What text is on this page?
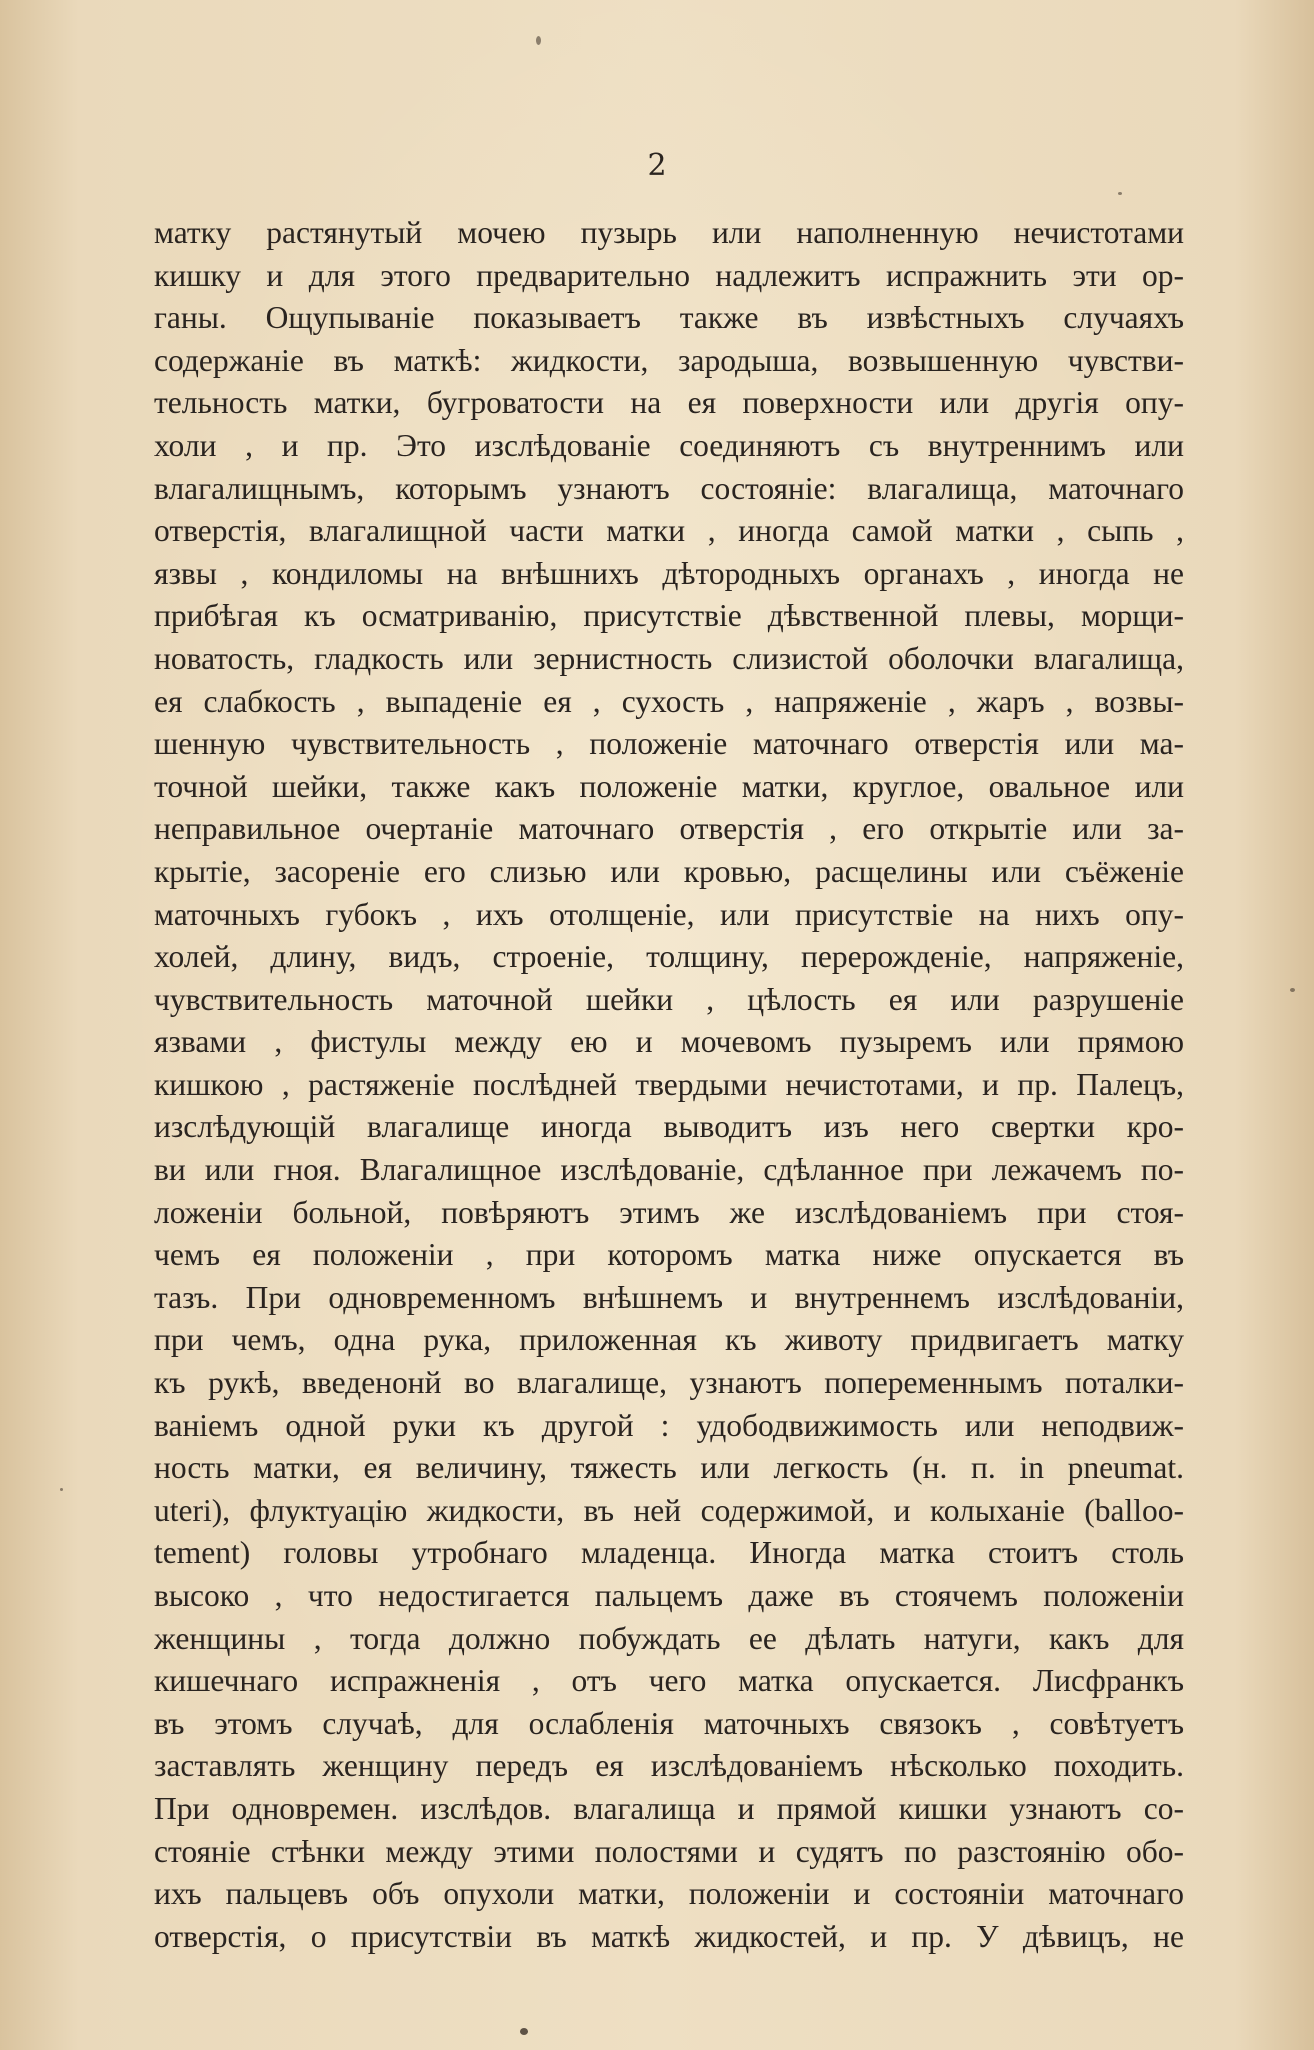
2
матку растянутый мочею пузырь или наполненную нечистотами
кишку и для этого предварительно надлежитъ испражнить эти ор-
ганы. Ощупываніе показываетъ также въ извѣстныхъ случаяхъ
содержаніе въ маткѣ: жидкости, зародыша, возвышенную чувстви-
тельность матки, бугроватости на ея поверхности или другія опу-
холи , и пр. Это изслѣдованіе соединяютъ съ внутреннимъ или
влагалищнымъ, которымъ узнаютъ состояніе: влагалища, маточнаго
отверстія, влагалищной части матки , иногда самой матки , сыпь ,
язвы , кондиломы на внѣшнихъ дѣтородныхъ органахъ , иногда не
прибѣгая къ осматриванію, присутствіе дѣвственной плевы, морщи-
новатость, гладкость или зернистность слизистой оболочки влагалища,
ея слабкость , выпаденіе ея , сухость , напряженіе , жаръ , возвы-
шенную чувствительность , положеніе маточнаго отверстія или ма-
точной шейки, также какъ положеніе матки, круглое, овальное или
неправильное очертаніе маточнаго отверстія , его открытіе или за-
крытіе, засореніе его слизью или кровью, расщелины или съёженіе
маточныхъ губокъ , ихъ отолщеніе, или присутствіе на нихъ опу-
холей, длину, видъ, строеніе, толщину, перерожденіе, напряженіе,
чувствительность маточной шейки , цѣлость ея или разрушеніе
язвами , фистулы между ею и мочевомъ пузыремъ или прямою
кишкою , растяженіе послѣдней твердыми нечистотами, и пр. Палецъ,
изслѣдующій влагалище иногда выводитъ изъ него свертки кро-
ви или гноя. Влагалищное изслѣдованіе, сдѣланное при лежачемъ по-
ложеніи больной, повѣряютъ этимъ же изслѣдованіемъ при стоя-
чемъ ея положеніи , при которомъ матка ниже опускается въ
тазъ. При одновременномъ внѣшнемъ и внутреннемъ изслѣдованіи,
при чемъ, одна рука, приложенная къ животу придвигаетъ матку
къ рукѣ, введенонй во влагалище, узнаютъ попеременнымъ поталки-
ваніемъ одной руки къ другой : удободвижимость или неподвиж-
ность матки, ея величину, тяжесть или легкость (н. п. in pneumat.
uteri), флуктуацію жидкости, въ ней содержимой, и колыханіе (balloo-
tement) головы утробнаго младенца. Иногда матка стоитъ столь
высоко , что недостигается пальцемъ даже въ стоячемъ положеніи
женщины , тогда должно побуждать ее дѣлать натуги, какъ для
кишечнаго испражненія , отъ чего матка опускается. Лисфранкъ
въ этомъ случаѣ, для ослабленія маточныхъ связокъ , совѣтуетъ
заставлять женщину передъ ея изслѣдованіемъ нѣсколько походить.
При одновремен. изслѣдов. влагалища и прямой кишки узнаютъ со-
стояніе стѣнки между этими полостями и судятъ по разстоянію обо-
ихъ пальцевъ объ опухоли матки, положеніи и состояніи маточнаго
отверстія, о присутствіи въ маткѣ жидкостей, и пр. У дѣвицъ, не
